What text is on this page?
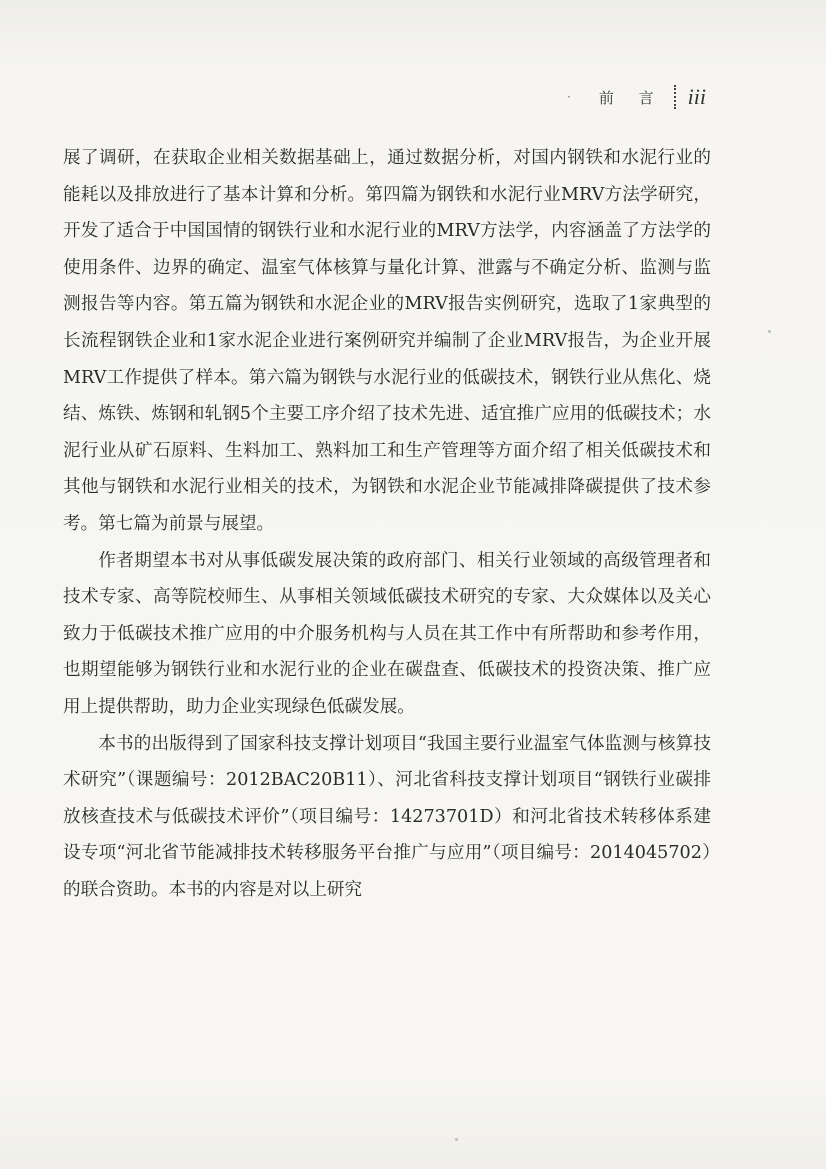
· 前 言 iii

展了调研，在获取企业相关数据基础上，通过数据分析，对国内钢铁和水泥行业的能耗以及排放进行了基本计算和分析。第四篇为钢铁和水泥行业MRV方法学研究，开发了适合于中国国情的钢铁行业和水泥行业的MRV方法学，内容涵盖了方法学的使用条件、边界的确定、温室气体核算与量化计算、泄露与不确定分析、监测与监测报告等内容。第五篇为钢铁和水泥企业的MRV报告实例研究，选取了1家典型的长流程钢铁企业和1家水泥企业进行案例研究并编制了企业MRV报告，为企业开展MRV工作提供了样本。第六篇为钢铁与水泥行业的低碳技术，钢铁行业从焦化、烧结、炼铁、炼钢和轧钢5个主要工序介绍了技术先进、适宜推广应用的低碳技术；水泥行业从矿石原料、生料加工、熟料加工和生产管理等方面介绍了相关低碳技术和其他与钢铁和水泥行业相关的技术，为钢铁和水泥企业节能减排降碳提供了技术参考。第七篇为前景与展望。

作者期望本书对从事低碳发展决策的政府部门、相关行业领域的高级管理者和技术专家、高等院校师生、从事相关领域低碳技术研究的专家、大众媒体以及关心致力于低碳技术推广应用的中介服务机构与人员在其工作中有所帮助和参考作用，也期望能够为钢铁行业和水泥行业的企业在碳盘查、低碳技术的投资决策、推广应用上提供帮助，助力企业实现绿色低碳发展。

本书的出版得到了国家科技支撑计划项目“我国主要行业温室气体监测与核算技术研究”（课题编号：2012BAC20B11）、河北省科技支撑计划项目“钢铁行业碳排放核查技术与低碳技术评价”（项目编号：14273701D）和河北省技术转移体系建设专项“河北省节能减排技术转移服务平台推广与应用”（项目编号：2014045702）的联合资助。本书的内容是对以上研究
